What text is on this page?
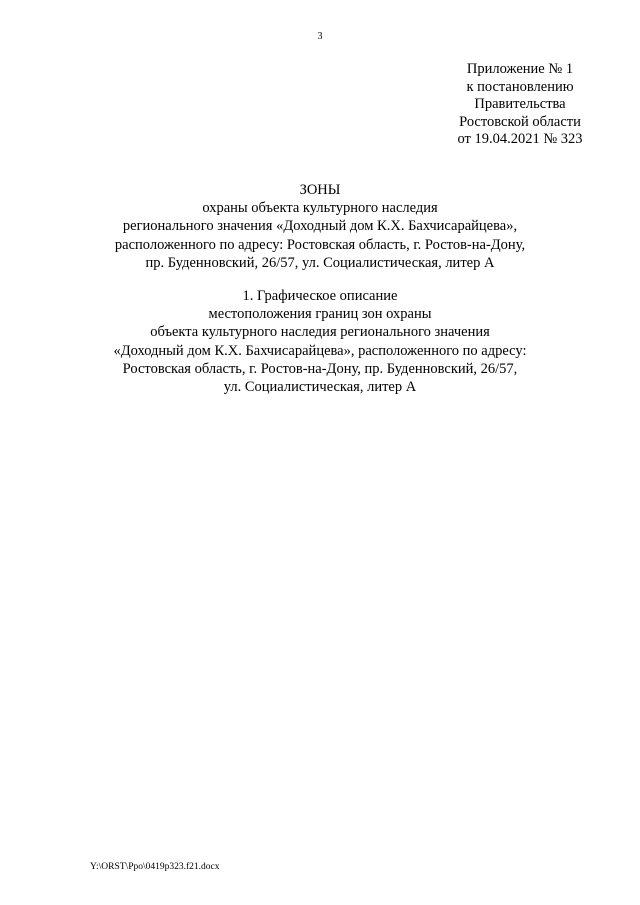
3
Приложение № 1
к постановлению
Правительства
Ростовской области
от 19.04.2021 № 323
ЗОНЫ
охраны объекта культурного наследия
регионального значения «Доходный дом К.Х. Бахчисарайцева»,
расположенного по адресу: Ростовская область, г. Ростов-на-Дону,
пр. Буденновский, 26/57, ул. Социалистическая, литер А
1. Графическое описание
местоположения границ зон охраны
объекта культурного наследия регионального значения
«Доходный дом К.Х. Бахчисарайцева», расположенного по адресу:
Ростовская область, г. Ростов-на-Дону, пр. Буденновский, 26/57,
ул. Социалистическая, литер А
Y:\ORST\Ppo\0419p323.f21.docx
